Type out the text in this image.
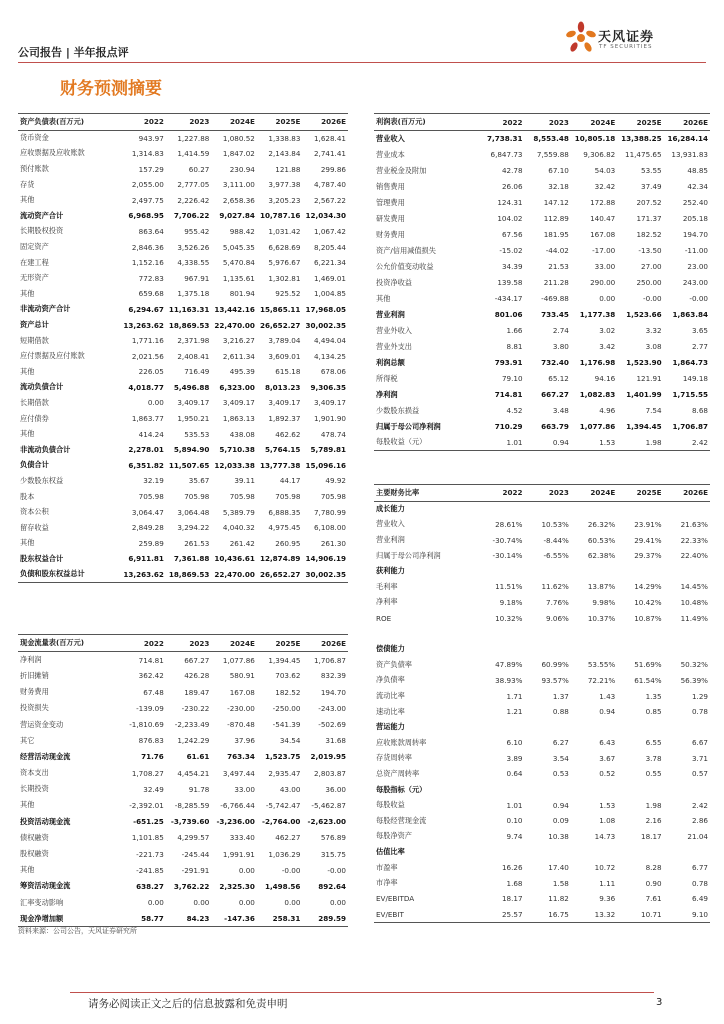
公司报告 | 半年报点评
天风证券
TF SECURITIES
财务预测摘要
资产负债表(百万元)	2022	2023	2024E	2025E	2026E
货币资金	943.97	1,227.88	1,080.52	1,338.83	1,628.41
应收票据及应收账款	1,314.83	1,414.59	1,847.02	2,143.84	2,741.41
预付账款	157.29	60.27	230.94	121.88	299.86
存货	2,055.00	2,777.05	3,111.00	3,977.38	4,787.40
其他	2,497.75	2,226.42	2,658.36	3,205.23	2,567.22
流动资产合计	6,968.95	7,706.22	9,027.84	10,787.16	12,034.30
长期股权投资	863.64	955.42	988.42	1,031.42	1,067.42
固定资产	2,846.36	3,526.26	5,045.35	6,628.69	8,205.44
在建工程	1,152.16	4,338.55	5,470.84	5,976.67	6,221.34
无形资产	772.83	967.91	1,135.61	1,302.81	1,469.01
其他	659.68	1,375.18	801.94	925.52	1,004.85
非流动资产合计	6,294.67	11,163.31	13,442.16	15,865.11	17,968.05
资产总计	13,263.62	18,869.53	22,470.00	26,652.27	30,002.35
短期借款	1,771.16	2,371.98	3,216.27	3,789.04	4,494.04
应付票据及应付账款	2,021.56	2,408.41	2,611.34	3,609.01	4,134.25
其他	226.05	716.49	495.39	615.18	678.06
流动负债合计	4,018.77	5,496.88	6,323.00	8,013.23	9,306.35
长期借款	0.00	3,409.17	3,409.17	3,409.17	3,409.17
应付债券	1,863.77	1,950.21	1,863.13	1,892.37	1,901.90
其他	414.24	535.53	438.08	462.62	478.74
非流动负债合计	2,278.01	5,894.90	5,710.38	5,764.15	5,789.81
负债合计	6,351.82	11,507.65	12,033.38	13,777.38	15,096.16
少数股东权益	32.19	35.67	39.11	44.17	49.92
股本	705.98	705.98	705.98	705.98	705.98
资本公积	3,064.47	3,064.48	5,389.79	6,888.35	7,780.99
留存收益	2,849.28	3,294.22	4,040.32	4,975.45	6,108.00
其他	259.89	261.53	261.42	260.95	261.30
股东权益合计	6,911.81	7,361.88	10,436.61	12,874.89	14,906.19
负债和股东权益总计	13,263.62	18,869.53	22,470.00	26,652.27	30,002.35
利润表(百万元)	2022	2023	2024E	2025E	2026E
营业收入	7,738.31	8,553.48	10,805.18	13,388.25	16,284.14
营业成本	6,847.73	7,559.88	9,306.82	11,475.65	13,931.83
营业税金及附加	42.78	67.10	54.03	53.55	48.85
销售费用	26.06	32.18	32.42	37.49	42.34
管理费用	124.31	147.12	172.88	207.52	252.40
研发费用	104.02	112.89	140.47	171.37	205.18
财务费用	67.56	181.95	167.08	182.52	194.70
资产/信用减值损失	-15.02	-44.02	-17.00	-13.50	-11.00
公允价值变动收益	34.39	21.53	33.00	27.00	23.00
投资净收益	139.58	211.28	290.00	250.00	243.00
其他	-434.17	-469.88	0.00	-0.00	-0.00
营业利润	801.06	733.45	1,177.38	1,523.66	1,863.84
营业外收入	1.66	2.74	3.02	3.32	3.65
营业外支出	8.81	3.80	3.42	3.08	2.77
利润总额	793.91	732.40	1,176.98	1,523.90	1,864.73
所得税	79.10	65.12	94.16	121.91	149.18
净利润	714.81	667.27	1,082.83	1,401.99	1,715.55
少数股东损益	4.52	3.48	4.96	7.54	8.68
归属于母公司净利润	710.29	663.79	1,077.86	1,394.45	1,706.87
每股收益（元）	1.01	0.94	1.53	1.98	2.42
现金流量表(百万元)	2022	2023	2024E	2025E	2026E
净利润	714.81	667.27	1,077.86	1,394.45	1,706.87
折旧摊销	362.42	426.28	580.91	703.62	832.39
财务费用	67.48	189.47	167.08	182.52	194.70
投资损失	-139.09	-230.22	-230.00	-250.00	-243.00
营运资金变动	-1,810.69	-2,233.49	-870.48	-541.39	-502.69
其它	876.83	1,242.29	37.96	34.54	31.68
经营活动现金流	71.76	61.61	763.34	1,523.75	2,019.95
资本支出	1,708.27	4,454.21	3,497.44	2,935.47	2,803.87
长期投资	32.49	91.78	33.00	43.00	36.00
其他	-2,392.01	-8,285.59	-6,766.44	-5,742.47	-5,462.87
投资活动现金流	-651.25	-3,739.60	-3,236.00	-2,764.00	-2,623.00
债权融资	1,101.85	4,299.57	333.40	462.27	576.89
股权融资	-221.73	-245.44	1,991.91	1,036.29	315.75
其他	-241.85	-291.91	0.00	-0.00	-0.00
筹资活动现金流	638.27	3,762.22	2,325.30	1,498.56	892.64
汇率变动影响	0.00	0.00	0.00	0.00	0.00
现金净增加额	58.77	84.23	-147.36	258.31	289.59
主要财务比率	2022	2023	2024E	2025E	2026E
成长能力					
营业收入	28.61%	10.53%	26.32%	23.91%	21.63%
营业利润	-30.74%	-8.44%	60.53%	29.41%	22.33%
归属于母公司净利润	-30.14%	-6.55%	62.38%	29.37%	22.40%
获利能力					
毛利率	11.51%	11.62%	13.87%	14.29%	14.45%
净利率	9.18%	7.76%	9.98%	10.42%	10.48%
ROE	10.32%	9.06%	10.37%	10.87%	11.49%

偿债能力					
资产负债率	47.89%	60.99%	53.55%	51.69%	50.32%
净负债率	38.93%	93.57%	72.21%	61.54%	56.39%
流动比率	1.71	1.37	1.43	1.35	1.29
速动比率	1.21	0.88	0.94	0.85	0.78
营运能力					
应收账款周转率	6.10	6.27	6.43	6.55	6.67
存货周转率	3.89	3.54	3.67	3.78	3.71
总资产周转率	0.64	0.53	0.52	0.55	0.57
每股指标（元）					
每股收益	1.01	0.94	1.53	1.98	2.42
每股经营现金流	0.10	0.09	1.08	2.16	2.86
每股净资产	9.74	10.38	14.73	18.17	21.04
估值比率					
市盈率	16.26	17.40	10.72	8.28	6.77
市净率	1.68	1.58	1.11	0.90	0.78
EV/EBITDA	18.17	11.82	9.36	7.61	6.49
EV/EBIT	25.57	16.75	13.32	10.71	9.10
资料来源：公司公告，天风证券研究所
请务必阅读正文之后的信息披露和免责申明	3
